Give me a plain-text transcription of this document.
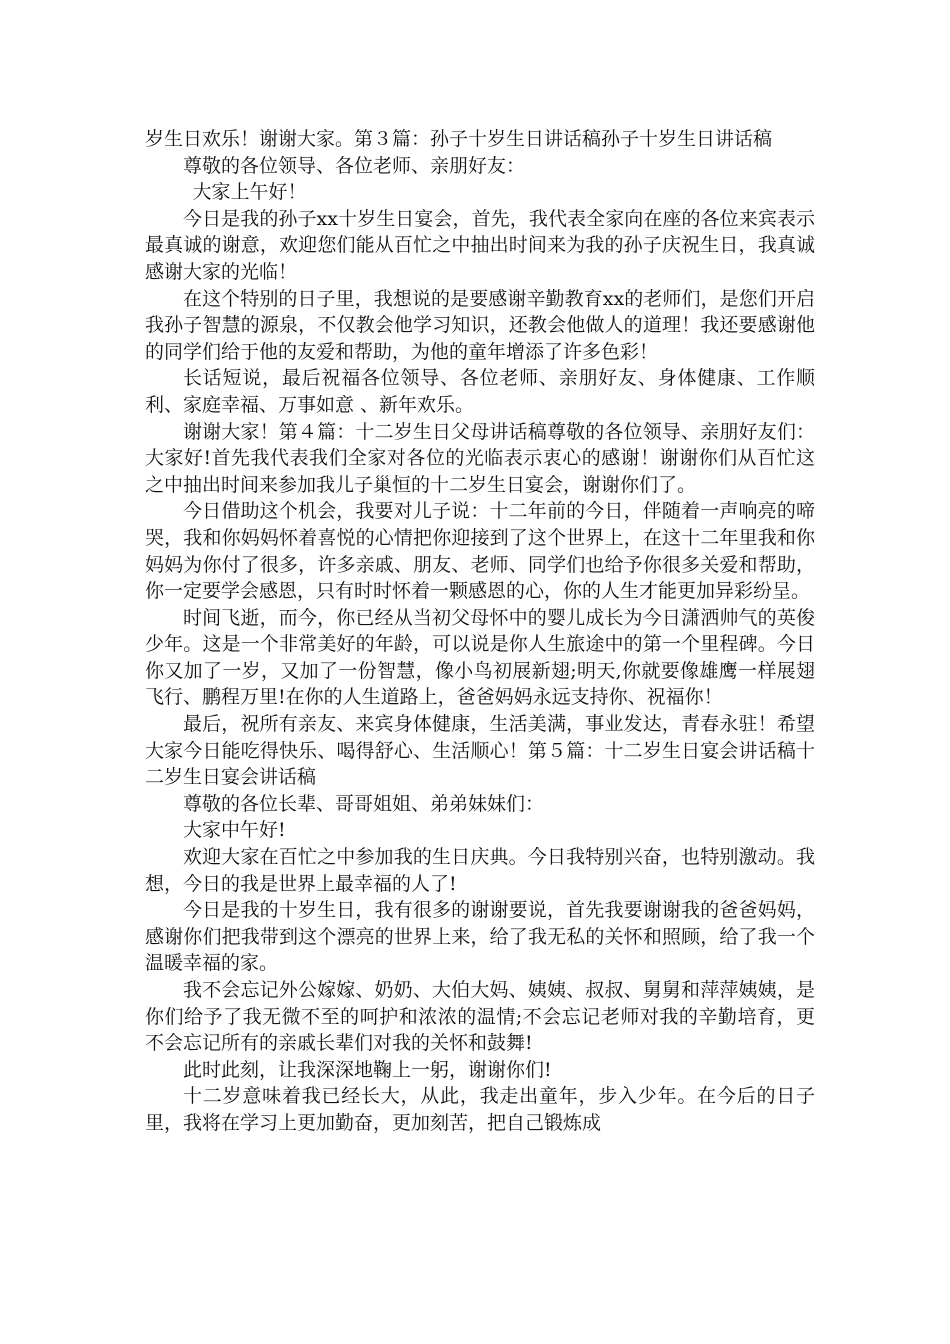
岁生日欢乐！谢谢大家。第３篇：孙子十岁生日讲话稿孙子十岁生日讲话稿

尊敬的各位领导、各位老师、亲朋好友：

大家上午好！

今日是我的孙子xx十岁生日宴会，首先，我代表全家向在座的各位来宾表示最真诚的谢意，欢迎您们能从百忙之中抽出时间来为我的孙子庆祝生日，我真诚感谢大家的光临！

在这个特别的日子里，我想说的是要感谢辛勤教育xx的老师们，是您们开启我孙子智慧的源泉，不仅教会他学习知识，还教会他做人的道理！我还要感谢他的同学们给于他的友爱和帮助，为他的童年增添了许多色彩！

长话短说，最后祝福各位领导、各位老师、亲朋好友、身体健康、工作顺利、家庭幸福、万事如意 、新年欢乐。

谢谢大家！第４篇：十二岁生日父母讲话稿尊敬的各位领导、亲朋好友们：大家好!首先我代表我们全家对各位的光临表示衷心的感谢！谢谢你们从百忙这之中抽出时间来参加我儿子巢恒的十二岁生日宴会，谢谢你们了。

今日借助这个机会，我要对儿子说：十二年前的今日，伴随着一声响亮的啼哭，我和你妈妈怀着喜悦的心情把你迎接到了这个世界上，在这十二年里我和你妈妈为你付了很多，许多亲戚、朋友、老师、同学们也给予你很多关爱和帮助，你一定要学会感恩，只有时时怀着一颗感恩的心，你的人生才能更加异彩纷呈。

时间飞逝，而今，你已经从当初父母怀中的婴儿成长为今日潇洒帅气的英俊少年。这是一个非常美好的年龄，可以说是你人生旅途中的第一个里程碑。今日你又加了一岁，又加了一份智慧，像小鸟初展新翅;明天,你就要像雄鹰一样展翅飞行、鹏程万里!在你的人生道路上，爸爸妈妈永远支持你、祝福你！

最后，祝所有亲友、来宾身体健康，生活美满，事业发达，青春永驻！希望大家今日能吃得快乐、喝得舒心、生活顺心！第５篇：十二岁生日宴会讲话稿十二岁生日宴会讲话稿

尊敬的各位长辈、哥哥姐姐、弟弟妹妹们：

大家中午好!

欢迎大家在百忙之中参加我的生日庆典。今日我特别兴奋，也特别激动。我想，今日的我是世界上最幸福的人了!

今日是我的十岁生日，我有很多的谢谢要说，首先我要谢谢我的爸爸妈妈，感谢你们把我带到这个漂亮的世界上来，给了我无私的关怀和照顾，给了我一个温暖幸福的家。

我不会忘记外公嫁嫁、奶奶、大伯大妈、姨姨、叔叔、舅舅和萍萍姨姨，是你们给予了我无微不至的呵护和浓浓的温情;不会忘记老师对我的辛勤培育，更不会忘记所有的亲戚长辈们对我的关怀和鼓舞!

此时此刻，让我深深地鞠上一躬，谢谢你们!

十二岁意味着我已经长大，从此，我走出童年，步入少年。在今后的日子里，我将在学习上更加勤奋，更加刻苦，把自己锻炼成
